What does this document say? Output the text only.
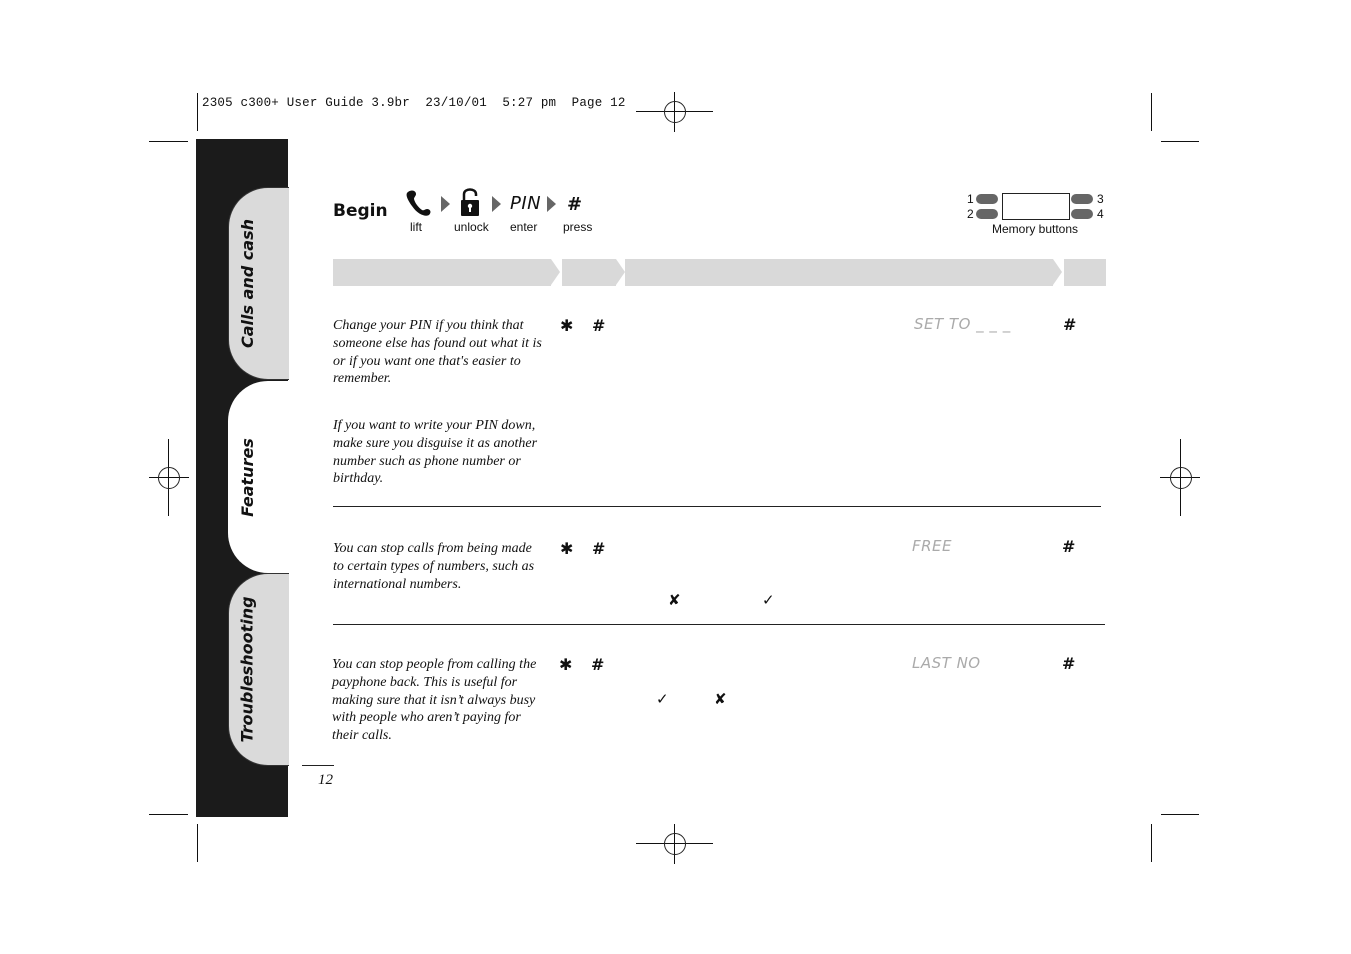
2305 c300+ User Guide 3.9br  23/10/01  5:27 pm  Page 12
Calls and cash
Features
Troubleshooting
Begin
lift	unlock
PIN
enter
#
press
1
2
3
4
Memory buttons
Change your PIN if you think that someone else has found out what it is or if you want one that's easier to remember.
If you want to write your PIN down, make sure you disguise it as another number such as phone number or birthday.
✱ #	SET TO _ _ _	#
You can stop calls from being made to certain types of numbers, such as international numbers.
✱ #	FREE	#
✘	✓
You can stop people from calling the payphone back. This is useful for making sure that it isn’t always busy with people who aren’t paying for their calls.
✱ #	LAST NO	#
✓	✘
12
